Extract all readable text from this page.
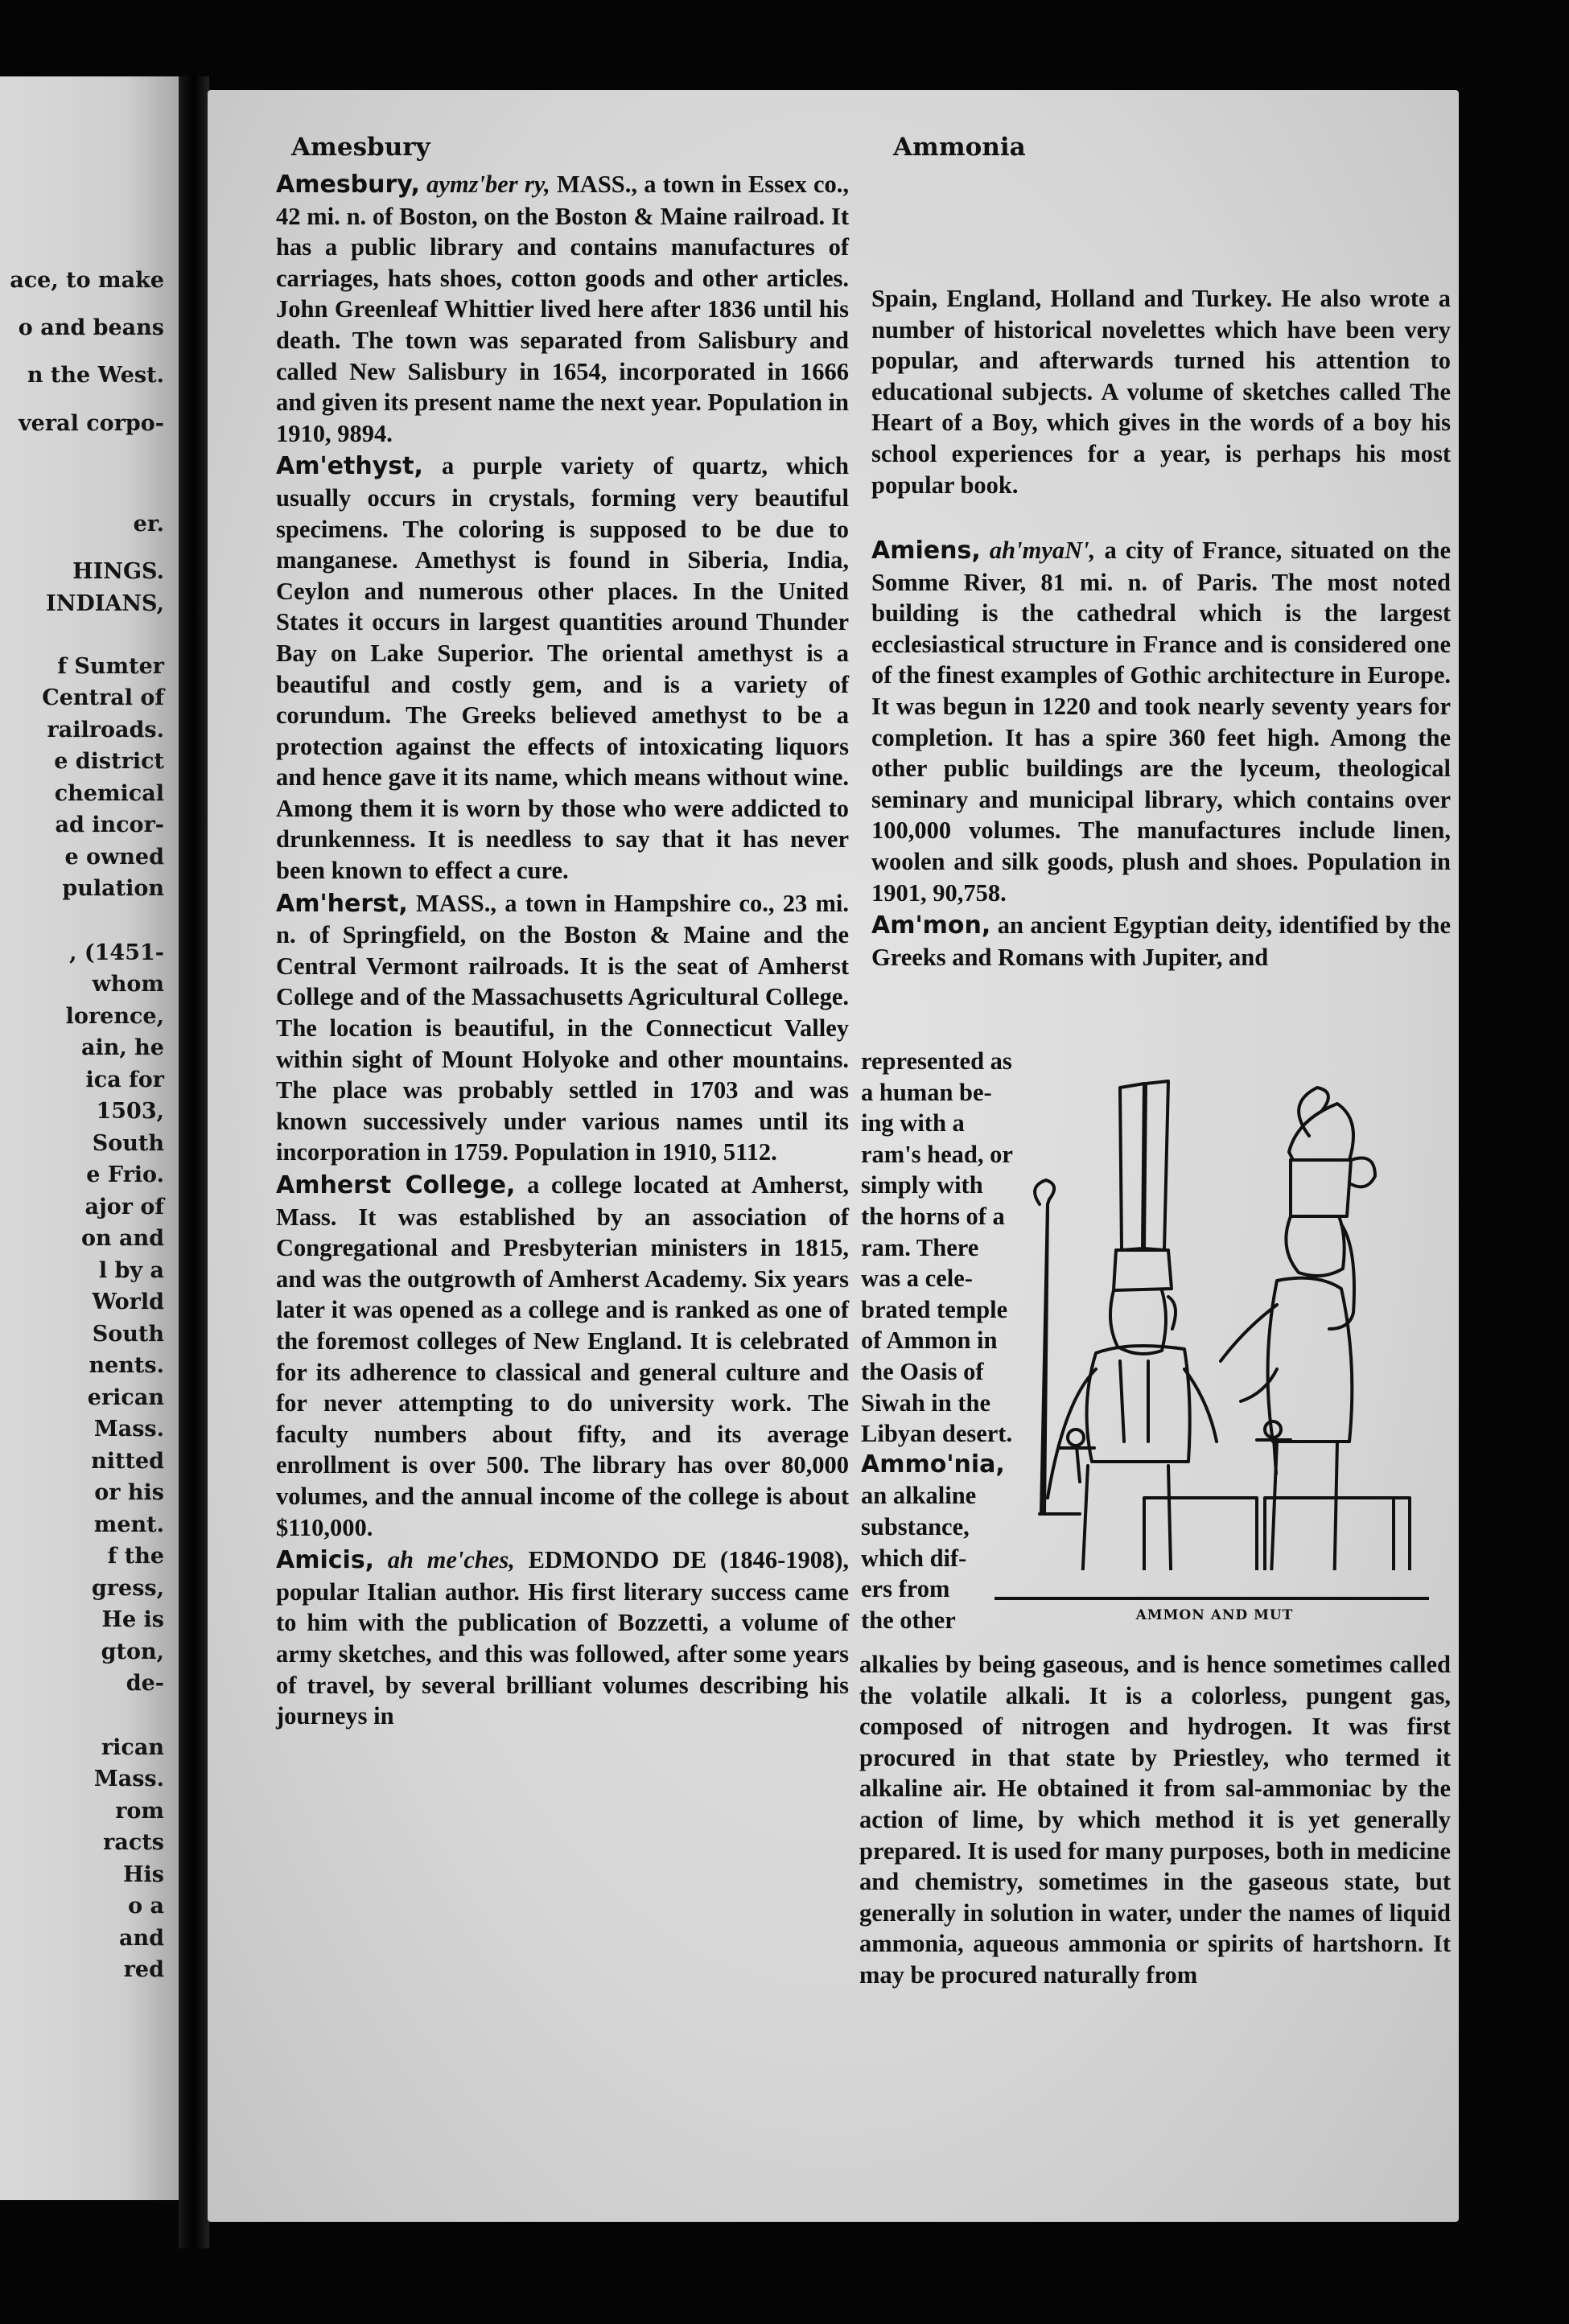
ace, to make
o and beans
n the West.
veral corpo-
er.
HINGS.
INDIANS,
f Sumter
Central of
railroads.
e district
chemical
ad incor-
e owned
pulation
, (1451-
whom
lorence,
ain, he
ica for
1503,
South
e Frio.
ajor of
on and
l by a
World
South
nents.
erican
Mass.
nitted
or his
ment.
f the
gress,
He is
gton,
de-
rican
Mass.
rom
racts
His
o a
and
red
Amesbury	Ammonia

Amesbury, aymz'ber ry, MASS., a town in Essex co., 42 mi. n. of Boston, on the Boston & Maine railroad. It has a public library and contains manufactures of carriages, hats shoes, cotton goods and other articles. John Greenleaf Whittier lived here after 1836 until his death. The town was separated from Salisbury and called New Salisbury in 1654, incorporated in 1666 and given its present name the next year. Population in 1910, 9894.

Am'ethyst, a purple variety of quartz, which usually occurs in crystals, forming very beautiful specimens. The coloring is supposed to be due to manganese. Amethyst is found in Siberia, India, Ceylon and numerous other places. In the United States it occurs in largest quantities around Thunder Bay on Lake Superior. The oriental amethyst is a beautiful and costly gem, and is a variety of corundum. The Greeks believed amethyst to be a protection against the effects of intoxicating liquors and hence gave it its name, which means without wine. Among them it is worn by those who were addicted to drunkenness. It is needless to say that it has never been known to effect a cure.

Am'herst, MASS., a town in Hampshire co., 23 mi. n. of Springfield, on the Boston & Maine and the Central Vermont railroads. It is the seat of Amherst College and of the Massachusetts Agricultural College. The location is beautiful, in the Connecticut Valley within sight of Mount Holyoke and other mountains. The place was probably settled in 1703 and was known successively under various names until its incorporation in 1759. Population in 1910, 5112.

Amherst College, a college located at Amherst, Mass. It was established by an association of Congregational and Presbyterian ministers in 1815, and was the outgrowth of Amherst Academy. Six years later it was opened as a college and is ranked as one of the foremost colleges of New England. It is celebrated for its adherence to classical and general culture and for never attempting to do university work. The faculty numbers about fifty, and its average enrollment is over 500. The library has over 80,000 volumes, and the annual income of the college is about $110,000.

Amicis, ah me'ches, EDMONDO DE (1846-1908), popular Italian author. His first literary success came to him with the publication of Bozzetti, a volume of army sketches, and this was followed, after some years of travel, by several brilliant volumes describing his journeys in

Spain, England, Holland and Turkey. He also wrote a number of historical novelettes which have been very popular, and afterwards turned his attention to educational subjects. A volume of sketches called The Heart of a Boy, which gives in the words of a boy his school experiences for a year, is perhaps his most popular book.

Amiens, ah'myaN', a city of France, situated on the Somme River, 81 mi. n. of Paris. The most noted building is the cathedral which is the largest ecclesiastical structure in France and is considered one of the finest examples of Gothic architecture in Europe. It was begun in 1220 and took nearly seventy years for completion. It has a spire 360 feet high. Among the other public buildings are the lyceum, theological seminary and municipal library, which contains over 100,000 volumes. The manufactures include linen, woolen and silk goods, plush and shoes. Population in 1901, 90,758.

Am'mon, an ancient Egyptian deity, identified by the Greeks and Romans with Jupiter, and

represented as
a human be-
ing with a
ram's head, or
simply with
the horns of a
ram. There
was a cele-
brated temple
of Ammon in
the Oasis of
Siwah in the
Libyan desert.
Ammo'nia,
an alkaline
substance,
which dif-
ers from
the other	AMMON AND MUT

alkalies by being gaseous, and is hence sometimes called the volatile alkali. It is a colorless, pungent gas, composed of nitrogen and hydrogen. It was first procured in that state by Priestley, who termed it alkaline air. He obtained it from sal-ammoniac by the action of lime, by which method it is yet generally prepared. It is used for many purposes, both in medicine and chemistry, sometimes in the gaseous state, but generally in solution in water, under the names of liquid ammonia, aqueous ammonia or spirits of hartshorn. It may be procured naturally from
